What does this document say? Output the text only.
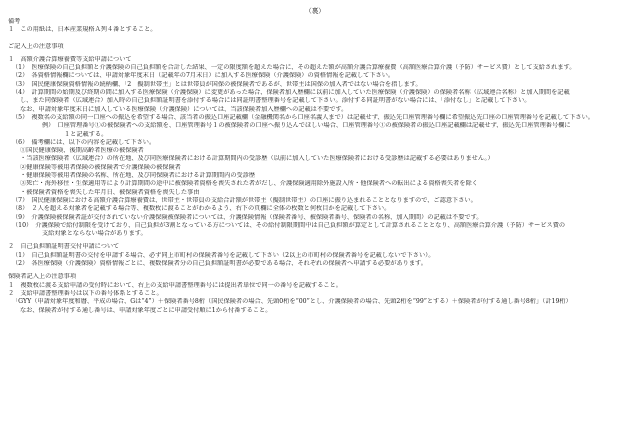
（裏）
備考
１　この用紙は、日本産業規格Ａ列４番とすること。
ご記入上の注意事項
１　高額介護合算療養費等支給申請について
（1）　医療保険の自己負担額と介護保険の自己負担額を合計した結果、一定の限度額を超えた場合に、その超えた額が高額介護合算療養費（高額医療合算介護（予防）サービス費）として支給されます。
（2）　各資格情報欄については、申請対象年度末日（記載年の7月末日）に加入する医療保険（介護保険）の資格情報を記載して下さい。
（3）　国民健康保険資格情報の続柄欄、「2　擬制世帯主」とは世帯員が国保の被保険者であるが、世帯主は国保の加入者ではない場合を指します。
（4）　計算期間の始期及び終期の間に加入する医療保険（介護保険）に変更があった場合、保険者加入歴欄に以前に加入していた医療保険（介護保険）の保険者名称（広域連合名称）と加入期間を記載
し、また同保険者（広域連合）加入時の自己負担額証明書を添付する場合には同証明書整理番号を記載して下さい。添付する同証明書がない場合には、「添付なし」と記載して下さい。
なお、申請対象年度末日に加入している医療保険（介護保険）については、当該保険者加入歴欄への記載は不要です。
（5）　複数名の支給額の同一口座への振込を希望する場合、該当者の振込口座記載欄（金融機関名から口座名義人まで）は記載せず、振込先口座管理番号欄に希望振込先口座の口座管理番号を記載して下さい。
例）　口座管理番号①の被保険者への支給額を、口座管理番号１の被保険者の口座へ振り込んでほしい場合、口座管理番号①の被保険者の振込口座記載欄は記載せず、振込先口座管理番号欄に
１と記載する。
（6）　備考欄には、以下の内容を記載して下さい。
①国民健康保険、後期高齢者医療の被保険者
・当該医療保険者（広域連合）の所在地、及び同医療保険者における計算期間内の受診歴（以前に加入していた医療保険者における受診歴は記載する必要はありません。）
②健康保険等被用者保険の被保険者で介護保険の被保険者
・健康保険等被用者保険の名称、所在地、及び同保険者における計算期間内の受診歴
③死亡・海外移住・生保適用等により計算期間の途中に被保険者資格を喪失された者がだし、介護保険適用除外施設入所・他保険者への転出による資格喪失者を除く
・被保険者資格を喪失した年月日、被保険者資格を喪失した事由
（7）　国民健康保険における高額介護合算療養費は、世帯主・世帯員の支給合計額が世帯主（擬制世帯主）の口座に振り込まれることとなりますので、ご認意下さい。
（8）　２人を超える対象者を記載する場合等、複数枚に渡ることがわかるよう、右下の頁欄に全体の枚数と何枚目かを記載して下さい。
（9）　介護保険被保険者証が交付されていない介護保険被保険者については、介護保険情報（保険者番号、被保険者番号、保険者の名称、加入期間）の記載は不要です。
（10）　介護保険で給付制限を受けており、自己負担が3割となっている方については、その給付制限期間中は自己負担額が算定として計算されることとなり、高額医療合算介護（予防）サービス費の
支給対象とならない場合があります。
２　自己負担額証明書交付申請について
（1）　自己負担額証明書の交付を申請する場合、必ず同上市町村の保険者番号を記載して下さい（2以上の市町村の保険者番号を記載しないで下さい）。
（2）　各医療保険（介護保険）資格情報ごとに、複数保険者分の自己負担額証明書が必要である場合、それぞれの保険者へ申請する必要があります。
保険者記入上の注意事項
１　複数枚に渡る支給申請の受付時において、右上の支給申請書整理番号には提出者単位で同一の番号を記載すること。
２　支給申請書整理番号は以下の番号体系とすること。
「GYY（申請対象年度和暦、平成の場合、Gは“4”）＋保険者番号8桁（国民保険者の場合、先頭0桁を“00”とし、介護保険者の場合、先頭2桁を“99”とする）＋保険者が付する通し番号8桁」（計19桁）
なお、保険者が付する通し番号は、申請対象年度ごとに申請受付順に1から付番すること。
